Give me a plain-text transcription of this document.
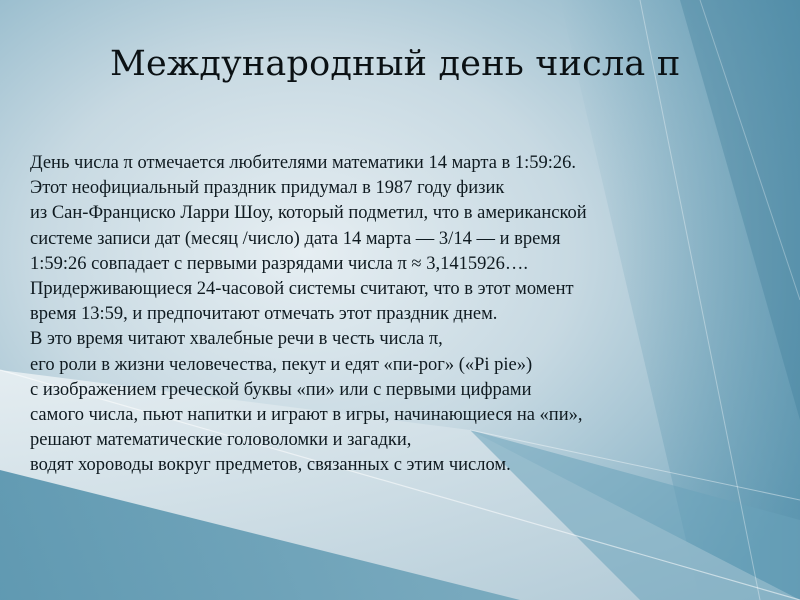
Международный день числа π
День числа π отмечается любителями математики 14 марта в 1:59:26.
Этот неофициальный праздник придумал в 1987 году физик
из Сан-Франциско Ларри Шоу, который подметил, что в американской
системе записи дат (месяц /число) дата 14 марта — 3/14 — и время
1:59:26 совпадает с первыми разрядами числа π ≈ 3,1415926….
Придерживающиеся 24-часовой системы считают, что в этот момент
время 13:59, и предпочитают отмечать этот праздник днем.
В это время читают хвалебные речи в честь числа π,
его роли в жизни человечества, пекут и едят «пи-рог» («Pi pie»)
с изображением греческой буквы «пи» или с первыми цифрами
самого числа, пьют напитки и играют в игры, начинающиеся на «пи»,
решают математические головоломки и загадки,
водят хороводы вокруг предметов, связанных с этим числом.
